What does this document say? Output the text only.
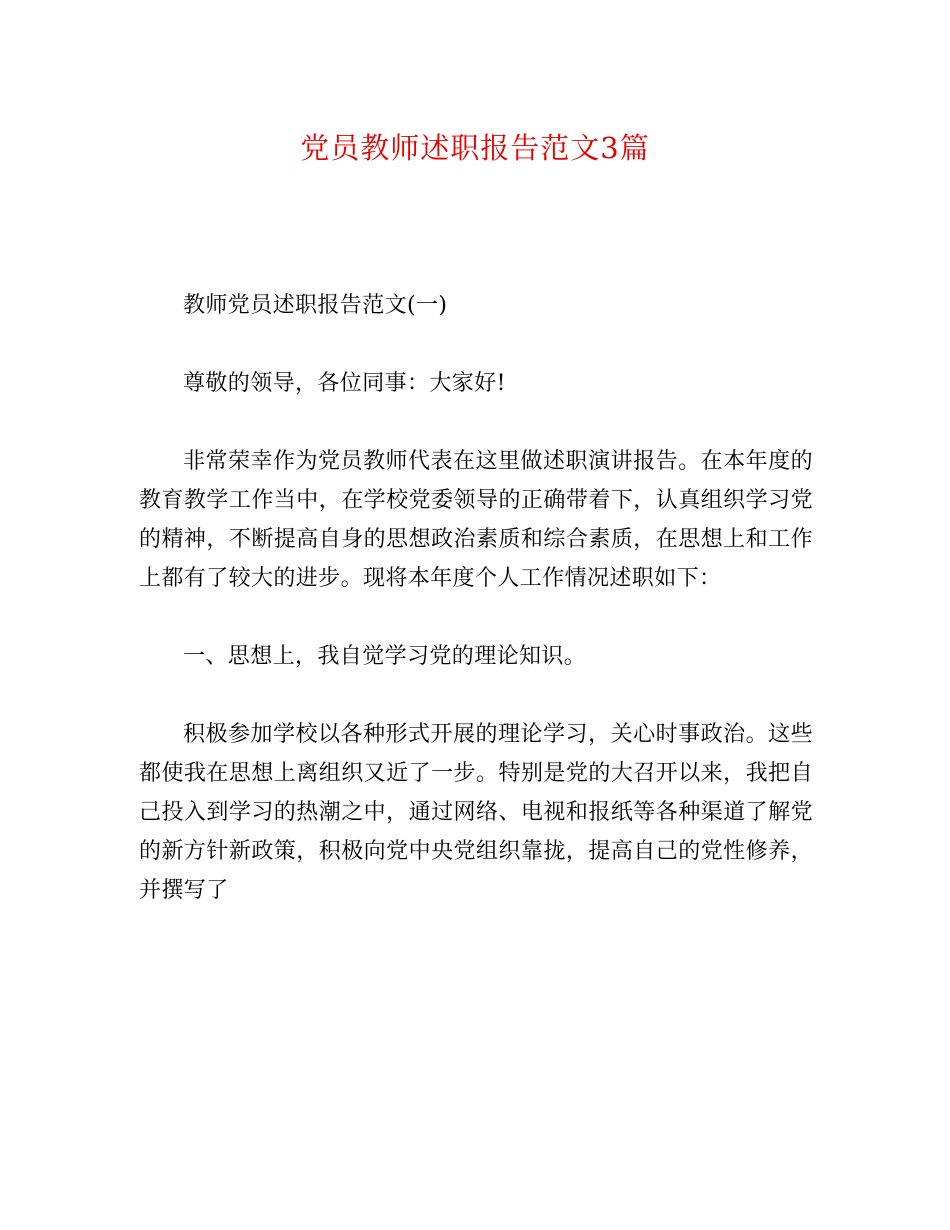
党员教师述职报告范文3篇

教师党员述职报告范文(一)

尊敬的领导，各位同事：大家好!

非常荣幸作为党员教师代表在这里做述职演讲报告。在本年度的教育教学工作当中，在学校党委领导的正确带着下，认真组织学习党的精神，不断提高自身的思想政治素质和综合素质，在思想上和工作上都有了较大的进步。现将本年度个人工作情况述职如下：

一、思想上，我自觉学习党的理论知识。

积极参加学校以各种形式开展的理论学习，关心时事政治。这些都使我在思想上离组织又近了一步。特别是党的大召开以来，我把自己投入到学习的热潮之中，通过网络、电视和报纸等各种渠道了解党的新方针新政策，积极向党中央党组织靠拢，提高自己的党性修养，并撰写了
